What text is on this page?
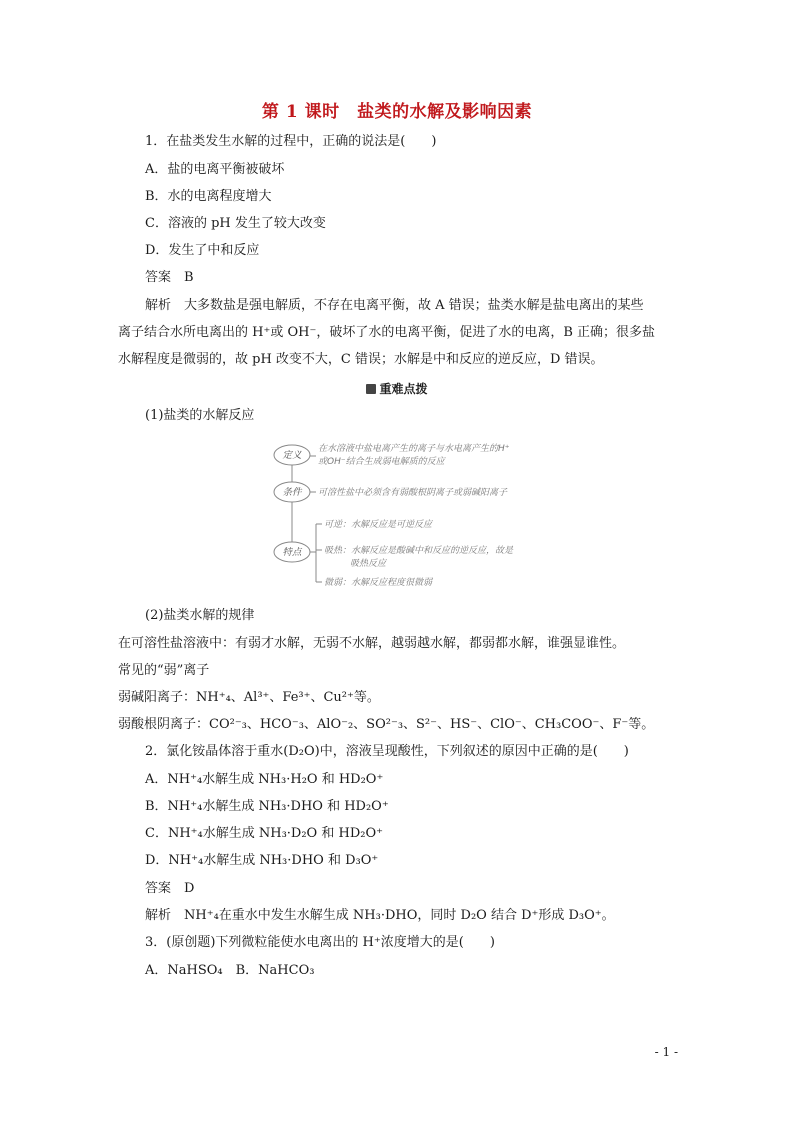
第 1 课时　盐类的水解及影响因素
1．在盐类发生水解的过程中，正确的说法是(　　)
A．盐的电离平衡被破坏
B．水的电离程度增大
C．溶液的 pH 发生了较大改变
D．发生了中和反应
答案　B
解析　大多数盐是强电解质，不存在电离平衡，故 A 错误；盐类水解是盐电离出的某些
离子结合水所电离出的 H⁺或 OH⁻，破坏了水的电离平衡，促进了水的电离，B 正确；很多盐
水解程度是微弱的，故 pH 改变不大，C 错误；水解是中和反应的逆反应，D 错误。
重难点拨
(1)盐类的水解反应
定义
条件
特点
在水溶液中盐电离产生的离子与水电离产生的H⁺
或OH⁻结合生成弱电解质的反应
可溶性盐中必须含有弱酸根阴离子或弱碱阳离子
可逆：水解反应是可逆反应
吸热：水解反应是酸碱中和反应的逆反应，故是
吸热反应
微弱：水解反应程度很微弱
(2)盐类水解的规律
在可溶性盐溶液中：有弱才水解，无弱不水解，越弱越水解，都弱都水解，谁强显谁性。
常见的“弱”离子
弱碱阳离子：NH⁺₄、Al³⁺、Fe³⁺、Cu²⁺等。
弱酸根阴离子：CO²⁻₃、HCO⁻₃、AlO⁻₂、SO²⁻₃、S²⁻、HS⁻、ClO⁻、CH₃COO⁻、F⁻等。
2．氯化铵晶体溶于重水(D₂O)中，溶液呈现酸性，下列叙述的原因中正确的是(　　)
A．NH⁺₄水解生成 NH₃·H₂O 和 HD₂O⁺
B．NH⁺₄水解生成 NH₃·DHO 和 HD₂O⁺
C．NH⁺₄水解生成 NH₃·D₂O 和 HD₂O⁺
D．NH⁺₄水解生成 NH₃·DHO 和 D₃O⁺
答案　D
解析　NH⁺₄在重水中发生水解生成 NH₃·DHO，同时 D₂O 结合 D⁺形成 D₃O⁺。
3．(原创题)下列微粒能使水电离出的 H⁺浓度增大的是(　　)
A．NaHSO₄　B．NaHCO₃
- 1 -
